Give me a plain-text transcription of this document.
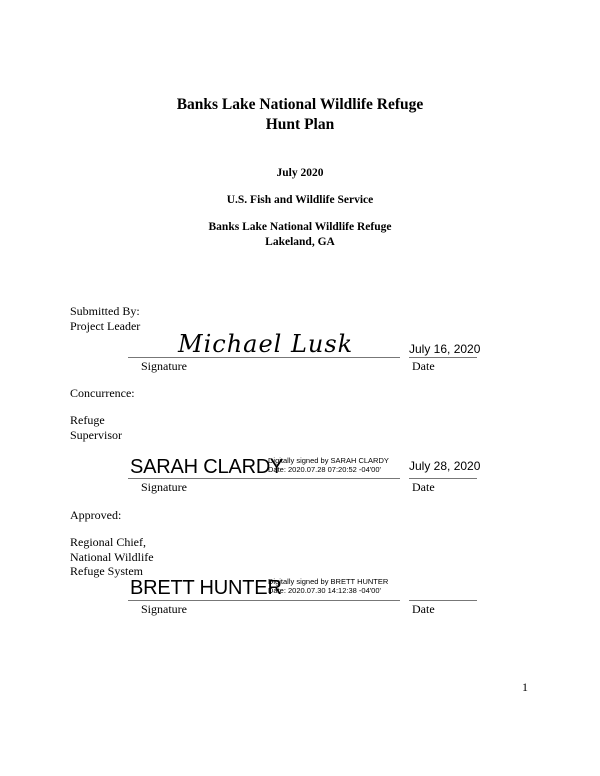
Banks Lake National Wildlife Refuge
Hunt Plan
July 2020
U.S. Fish and Wildlife Service
Banks Lake National Wildlife Refuge
Lakeland, GA
Submitted By:
Project Leader
Michael Lusk	July 16, 2020
Signature	Date
Concurrence:
Refuge
Supervisor
SARAH CLARDY
Digitally signed by SARAH CLARDY
Date: 2020.07.28 07:20:52 -04'00'	July 28, 2020
Signature	Date
Approved:
Regional Chief,
National Wildlife
Refuge System
BRETT HUNTER
Digitally signed by BRETT HUNTER
Date: 2020.07.30 14:12:38 -04'00'
Signature	Date
1
